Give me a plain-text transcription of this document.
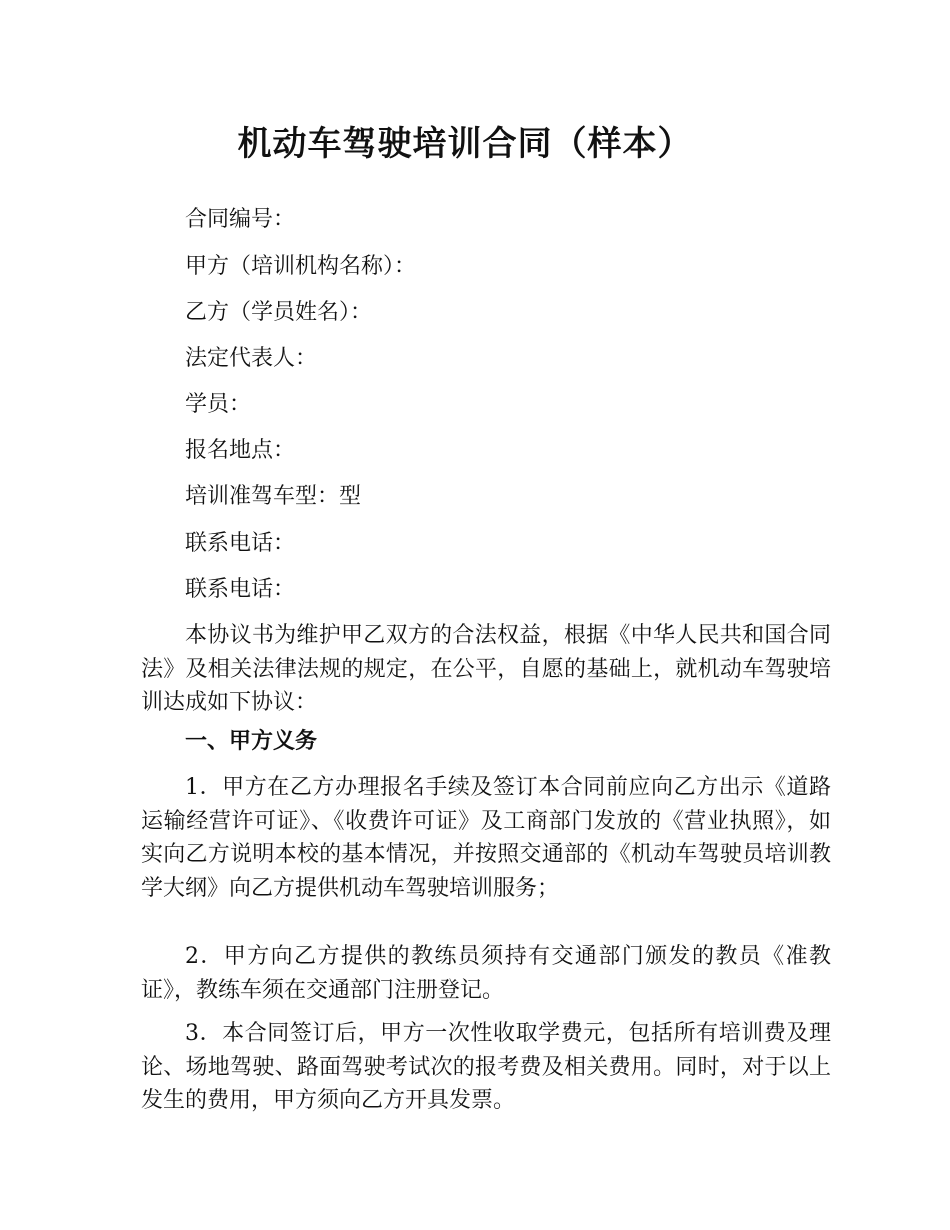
机动车驾驶培训合同（样本）

合同编号：

甲方（培训机构名称）：

乙方（学员姓名）：

法定代表人：

学员：

报名地点：

培训准驾车型：型

联系电话：

联系电话：

本协议书为维护甲乙双方的合法权益，根据《中华人民共和国合同法》及相关法律法规的规定，在公平，自愿的基础上，就机动车驾驶培训达成如下协议：

一、甲方义务

1．甲方在乙方办理报名手续及签订本合同前应向乙方出示《道路运输经营许可证》、《收费许可证》及工商部门发放的《营业执照》，如实向乙方说明本校的基本情况，并按照交通部的《机动车驾驶员培训教学大纲》向乙方提供机动车驾驶培训服务；

2．甲方向乙方提供的教练员须持有交通部门颁发的教员《准教证》，教练车须在交通部门注册登记。

3．本合同签订后，甲方一次性收取学费元，包括所有培训费及理论、场地驾驶、路面驾驶考试次的报考费及相关费用。同时，对于以上发生的费用，甲方须向乙方开具发票。
